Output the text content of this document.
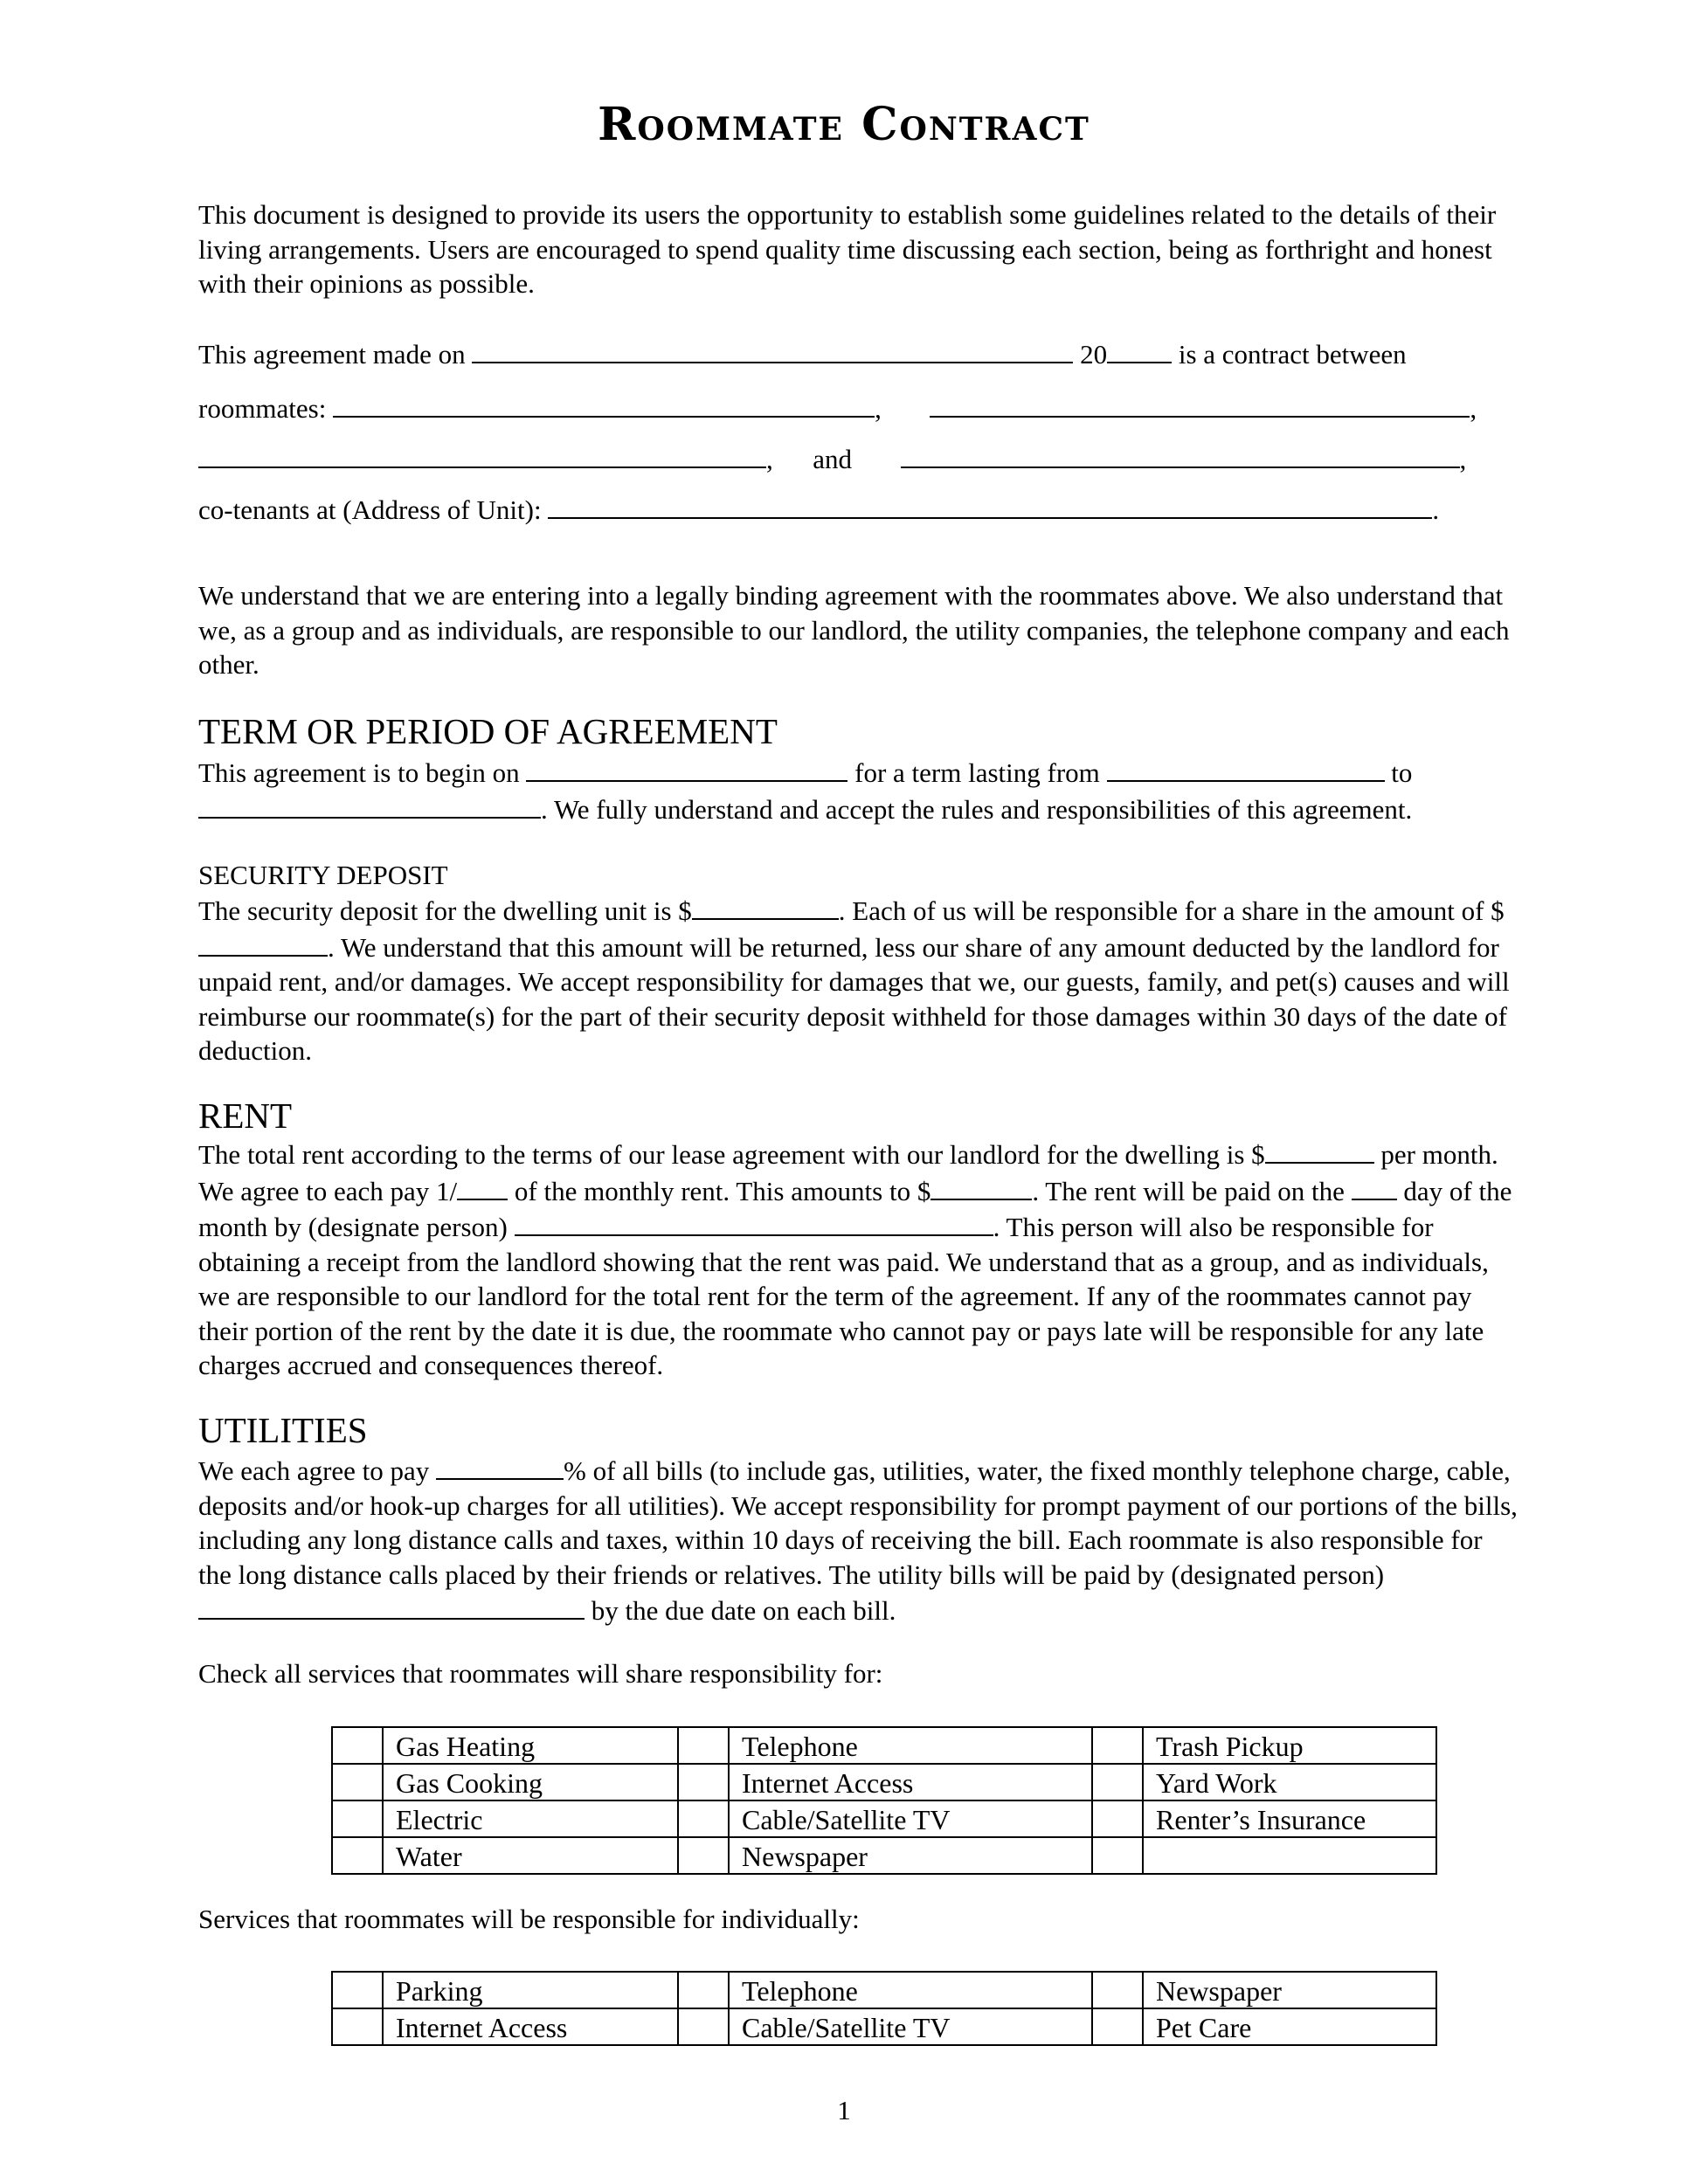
Roommate Contract
This document is designed to provide its users the opportunity to establish some guidelines related to the details of their living arrangements. Users are encouraged to spend quality time discussing each section, being as forthright and honest with their opinions as possible.
This agreement made on	20	is a contract between
roommates:	,	,
, and	,
co-tenants at (Address of Unit):	.
We understand that we are entering into a legally binding agreement with the roommates above. We also understand that we, as a group and as individuals, are responsible to our landlord, the utility companies, the telephone company and each other.
TERM OR PERIOD OF AGREEMENT
This agreement is to begin on	for a term lasting from	to . We fully understand and accept the rules and responsibilities of this agreement.
SECURITY DEPOSIT
The security deposit for the dwelling unit is $	. Each of us will be responsible for a share in the amount of $. We understand that this amount will be returned, less our share of any amount deducted by the landlord for unpaid rent, and/or damages. We accept responsibility for damages that we, our guests, family, and pet(s) causes and will reimburse our roommate(s) for the part of their security deposit withheld for those damages within 30 days of the date of deduction.
RENT
The total rent according to the terms of our lease agreement with our landlord for the dwelling is $	per month. We agree to each pay 1/ of the monthly rent. This amounts to $	. The rent will be paid on the  day of the month by (designate person)	. This person will also be responsible for obtaining a receipt from the landlord showing that the rent was paid. We understand that as a group, and as individuals, we are responsible to our landlord for the total rent for the term of the agreement. If any of the roommates cannot pay their portion of the rent by the date it is due, the roommate who cannot pay or pays late will be responsible for any late charges accrued and consequences thereof.
UTILITIES
We each agree to pay	% of all bills (to include gas, utilities, water, the fixed monthly telephone charge, cable, deposits and/or hook-up charges for all utilities). We accept responsibility for prompt payment of our portions of the bills, including any long distance calls and taxes, within 10 days of receiving the bill. Each roommate is also responsible for the long distance calls placed by their friends or relatives. The utility bills will be paid by (designated person)  by the due date on each bill.
Check all services that roommates will share responsibility for:
	Gas Heating		Telephone		Trash Pickup
	Gas Cooking		Internet Access		Yard Work
	Electric		Cable/Satellite TV		Renter’s Insurance
	Water		Newspaper		
Services that roommates will be responsible for individually:
	Parking		Telephone		Newspaper
	Internet Access		Cable/Satellite TV		Pet Care
1
